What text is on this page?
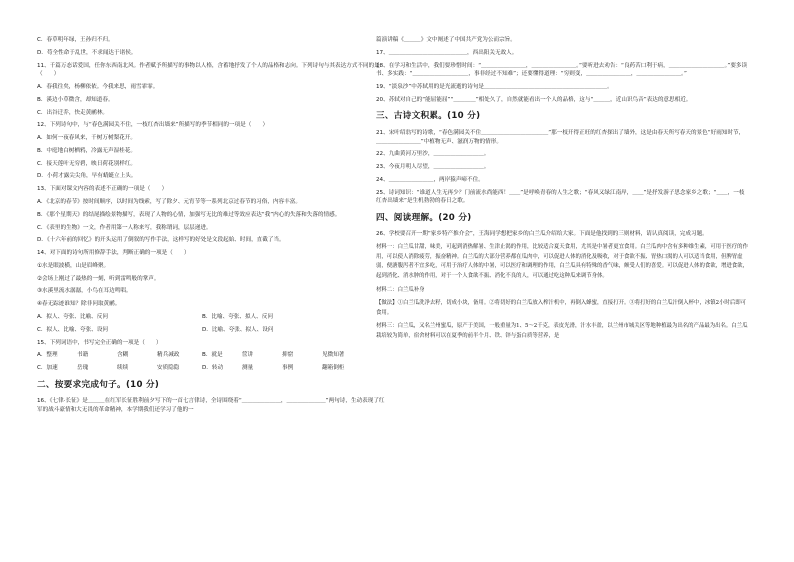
C．春草明年绿，王孙归不归。

D．苟全性命于乱世，不求闻达于诸侯。

11、千篇万态话爱国，任你东西南北风。作者赋予所描写的事物以人格，含蓄地抒发了个人的品格和志向。下列诗句与其表达方式不同的是（　　）

A．春我往矣，杨柳依依。今我来思，雨雪霏霏。

B．溪边小草微含，却知道春。

C．出谷迁乔，快走黄鹂林。

12、下列诗句中，与“春色满园关不住，一枝红杏出墙来”所描写的季节相同的一项是（　　）

A．如何一夜春风来，千树万树梨花开。

B．中庭地白树栖鸦，冷露无声湿桂花。

C．接天莲叶无穷碧，映日荷花别样红。

D．小荷才露尖尖角，早有蜻蜓立上头。

13、下面对课文内容的表述不正确的一项是（　　）

A．《北京的春节》按时间顺序，以时间为线索，写了除夕、元宵节等一系列北京过春节的习俗，内容丰富。

B．《那个星期天》的结尾描绘景物描写，表现了人物的心情，加强写无比的难过等效应表达“我”内心的失落和失落的情感。

C．《表里的生物》一文，作者用第一人称来写，我称谓词，层层递进。

D．《十六年前的回忆》的开头运用了倒叙的写作手法，这样写的好处是文段起始、时间，直截了当。

14、对下面的诗句所用修辞手法，判断正确的一项是（　　）

①水是眼波横，山是眉峰聚。

②会场上刚过了最热的一刻，听到雷鸣般的掌声。

③水溪里流水潺潺，小鸟在耳边鸣唱。

④春无踪迹谁知？除非问取黄鹂。

A．拟人、夸张、比喻、反问	B．比喻、夸张、拟人、反问
C．拟人、比喻、夸张、设问	D．比喻、夸张、拟人、设问

15、下列词语中，书写完全正确的一项是（　　）

A．整理	书籍	含糊	精兵减政	B．就是	筐讲	抑窟	见微知著
C．加速	岳瑰	续续	安质隐隐	D．转动	测量	事例	翻箱倒柜
二、按要求完成句子。(10 分)

16、《七律·长征》是＿＿＿在红军长征胜利前夕写下的一首七言律诗，全诗围绕着“＿＿＿＿＿＿＿，＿＿＿＿＿＿＿”两句诗，生动表现了红军的战斗豪情和大无畏的革命精神，本学期我们还学习了他的一

篇演讲稿《＿＿＿》文中阐述了中国共产党为公而宗旨。

17、＿＿＿＿＿＿＿＿＿＿＿＿＿＿，西出阳关无故人。

18、在学习和生活中，我们要珍惜时间：“＿＿＿＿＿＿＿＿，＿＿＿＿＿＿＿＿。”要听进去劝告：“良药苦口利于病，＿＿＿＿＿＿＿＿＿＿。”要多读书、多实践：“＿＿＿＿＿＿＿＿＿＿，事非经过不知难”；还要懂得道理：“穷则变，＿＿＿＿＿＿＿＿，＿＿＿＿＿＿＿＿。”

19、“淡泉沙”中苏轼用的是光流逝的诗句是＿＿＿＿＿＿＿＿＿＿＿＿＿＿＿＿＿＿＿＿＿＿。

20、苏轼对自己的“能屈能屈”“＿＿＿＿”相处久了，自然就能看出一个人的品格，这与“＿＿＿，近山识鸟音”表达的意思相近。

三、古诗文积累。(10 分)

21、宋叶绍翁写的诗歌，“春色满园关不住＿＿＿＿＿＿＿＿＿＿＿＿”那一枝开得正旺的红杏探出了墙外，这是由春天所写春天的景色“好雨知时节，＿＿＿＿＿＿＿＿”中植物无声、滋润万物的情形。

22、九曲黄河万里沙，＿＿＿＿＿＿＿＿＿。

23、今夜月明人尽望，＿＿＿＿＿＿＿＿＿。

24、＿＿＿＿＿＿＿＿，两岸猿声啼不住。

25、诗词知识：“谁道人生无再少？门前流水尚能西！＿＿”是呼唤青春的人生之歌；“春风又绿江南岸，＿＿”是抒发游子思念家乡之歌；“＿＿，一枝红杏出墙来”是生机勃勃的春日之歌。

四、阅读理解。(20 分)

26、学校要召开一期“家乡特产推介会”，王海同学想把家乡的白兰瓜介绍给大家。下面是他找到的三则材料，请认真阅读，完成习题。

材料一：白兰瓜甘甜，味美，可起到消热解暑、生津止渴的作用，比较适合夏天食用，尤其是中暑者更宜食用。白兰瓜肉中含有多种维生素，可用于医疗的作用，可以使人消除疲劳，振奋精神。白兰瓜的大部分营养都在瓜肉中，可以促进人体的消化及吸收，对于食欲不振、胃热口渴的人可以适当食用，但脾胃虚弱，便溏腹泻者不宜多吃，可用于治疗人体的中暑，可以医疗和调理的作用，白兰瓜具有特殊的香气味，颇受人们的喜爱。可以促进人体的食欲，增进食欲，起到消化、消水肿的作用，对于一个人食欲不振、消化不良的人，可以通过吃这种瓜来调节身体。

材料二：白兰瓜补身

【做法】①白兰瓜洗净去籽，切成小块，备用。②将切好的白兰瓜放入榨汁机中，再倒入蜂蜜，直接打开。③将打好的白兰瓜汁倒入杯中，冰镇2小时后即可食用。

材料三：白兰瓜，又名兰州蜜瓜，原产于美国，一般重量为1、5～2千克，表皮光滑，汁水丰盈，以兰州市城关区等地种植最为出名的产品最为出名。白兰瓜栽培较为简单，宿舍材料可以在夏季的前半个月、铁、锌与蛋白质等营养，是
